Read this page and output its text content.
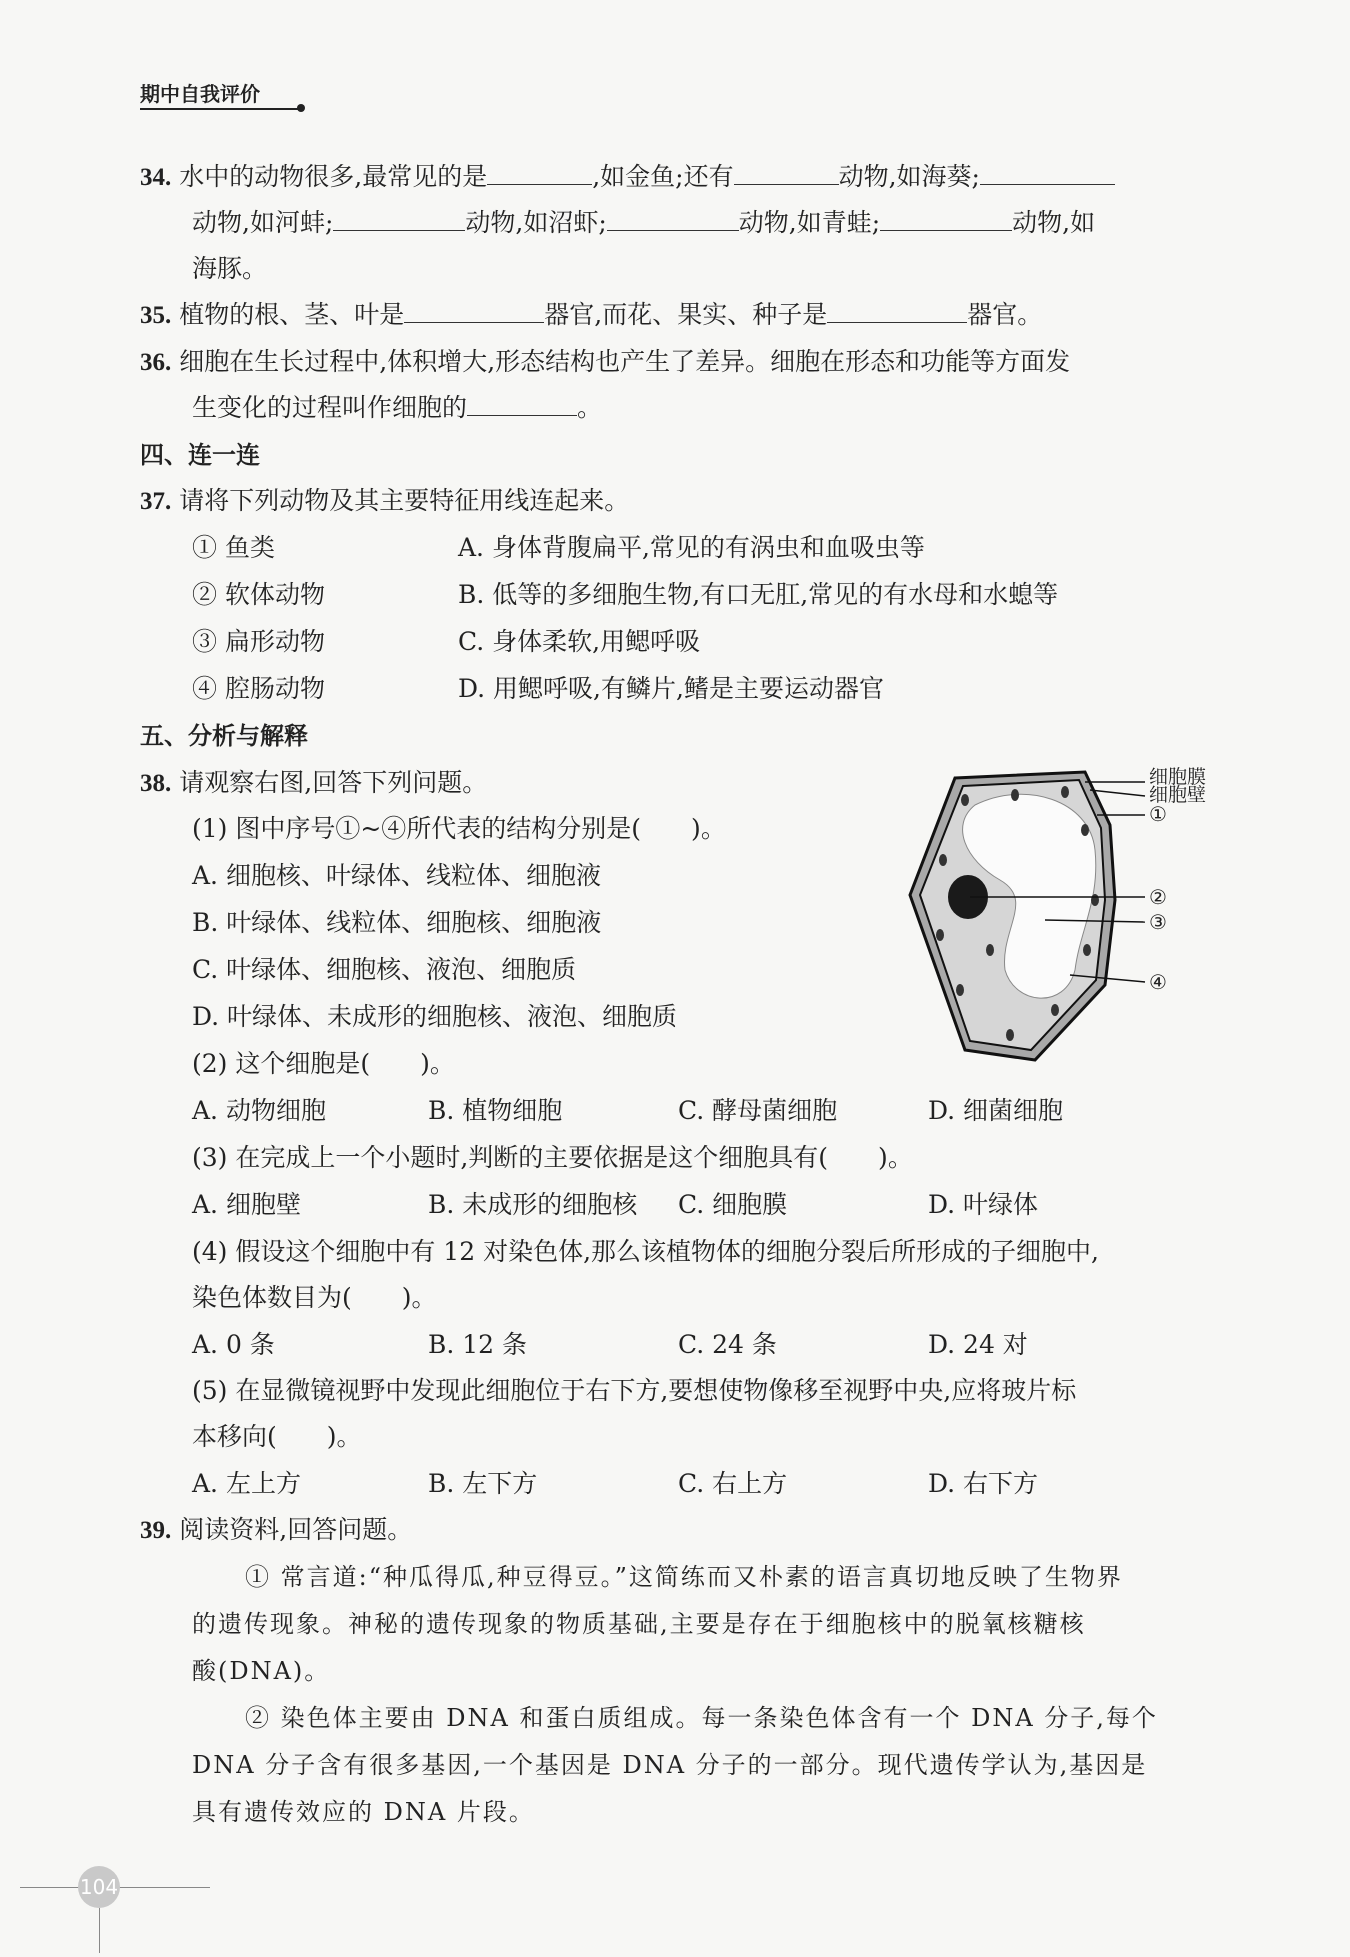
期中自我评价
34. 水中的动物很多,最常见的是	,如金鱼;还有	动物,如海葵;
动物,如河蚌;	动物,如沼虾;	动物,如青蛙;	动物,如
海豚。
35. 植物的根、茎、叶是	器官,而花、果实、种子是	器官。
36. 细胞在生长过程中,体积增大,形态结构也产生了差异。细胞在形态和功能等方面发
生变化的过程叫作细胞的	。
四、连一连
37. 请将下列动物及其主要特征用线连起来。
① 鱼类	A. 身体背腹扁平,常见的有涡虫和血吸虫等
② 软体动物	B. 低等的多细胞生物,有口无肛,常见的有水母和水螅等
③ 扁形动物	C. 身体柔软,用鳃呼吸
④ 腔肠动物	D. 用鳃呼吸,有鳞片,鳍是主要运动器官
五、分析与解释
38. 请观察右图,回答下列问题。
(1) 图中序号①~④所代表的结构分别是(　　)。
A. 细胞核、叶绿体、线粒体、细胞液
B. 叶绿体、线粒体、细胞核、细胞液
C. 叶绿体、细胞核、液泡、细胞质
D. 叶绿体、未成形的细胞核、液泡、细胞质
(2) 这个细胞是(　　)。
A. 动物细胞	B. 植物细胞	C. 酵母菌细胞	D. 细菌细胞
(3) 在完成上一个小题时,判断的主要依据是这个细胞具有(　　)。
A. 细胞壁	B. 未成形的细胞核 C. 细胞膜	D. 叶绿体
(4) 假设这个细胞中有 12 对染色体,那么该植物体的细胞分裂后所形成的子细胞中,
染色体数目为(　　)。
A. 0 条	B. 12 条	C. 24 条	D. 24 对
(5) 在显微镜视野中发现此细胞位于右下方,要想使物像移至视野中央,应将玻片标
本移向(　　)。
A. 左上方	B. 左下方	C. 右上方	D. 右下方
细胞膜
细胞壁
①
②
③
④
39. 阅读资料,回答问题。
① 常言道:“种瓜得瓜,种豆得豆。”这简练而又朴素的语言真切地反映了生物界
的遗传现象。神秘的遗传现象的物质基础,主要是存在于细胞核中的脱氧核糖核
酸(DNA)。
② 染色体主要由 DNA 和蛋白质组成。每一条染色体含有一个 DNA 分子,每个
DNA 分子含有很多基因,一个基因是 DNA 分子的一部分。现代遗传学认为,基因是
具有遗传效应的 DNA 片段。
104
